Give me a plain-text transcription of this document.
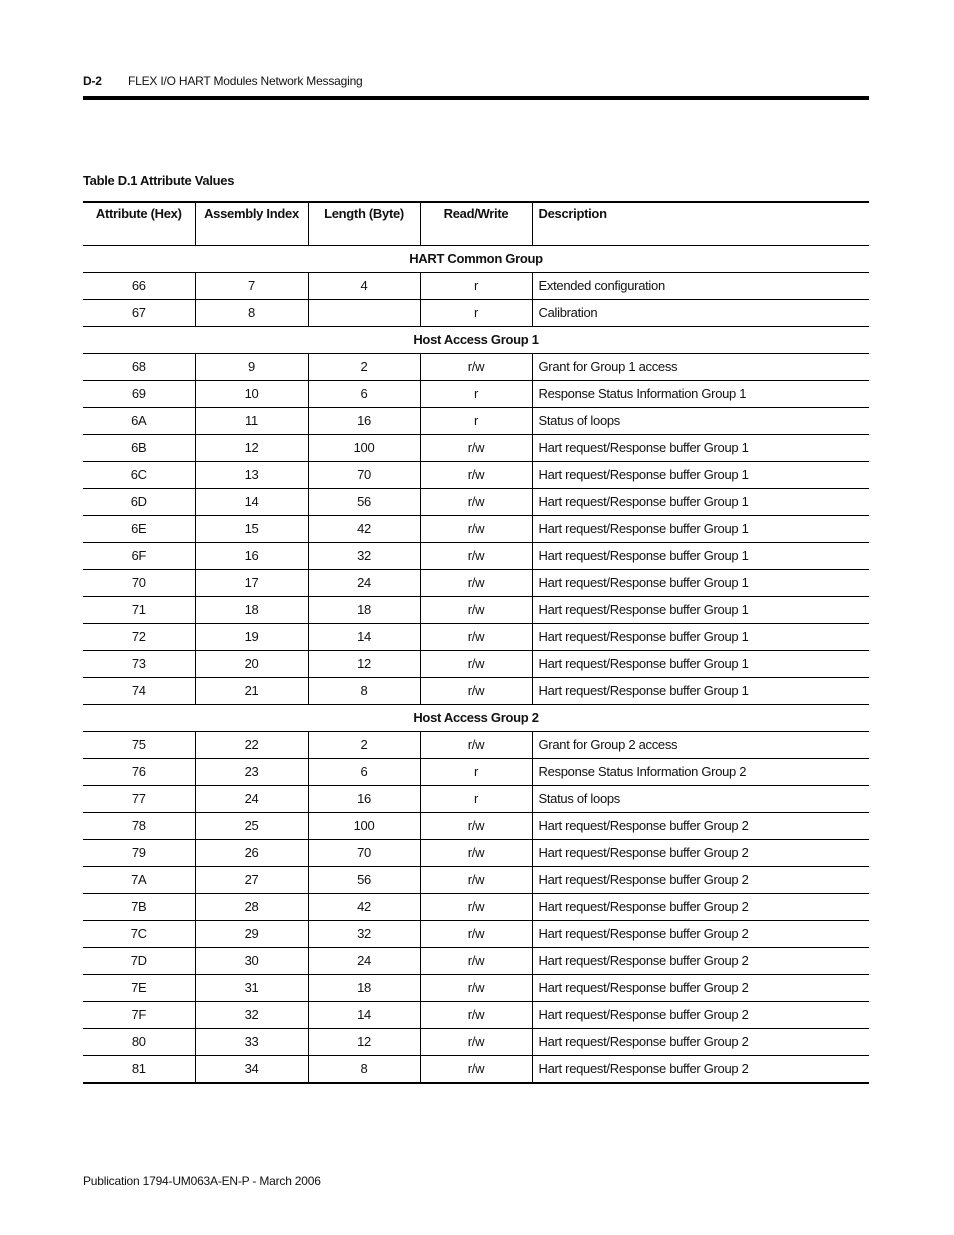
D-2 FLEX I/O HART Modules Network Messaging
Table D.1 Attribute Values
Attribute (Hex)	Assembly Index	Length (Byte)	Read/Write	Description
HART Common Group				
66	7	4	r	Extended configuration
67	8		r	Calibration
Host Access Group 1				
68	9	2	r/w	Grant for Group 1 access
69	10	6	r	Response Status Information Group 1
6A	11	16	r	Status of loops
6B	12	100	r/w	Hart request/Response buffer Group 1
6C	13	70	r/w	Hart request/Response buffer Group 1
6D	14	56	r/w	Hart request/Response buffer Group 1
6E	15	42	r/w	Hart request/Response buffer Group 1
6F	16	32	r/w	Hart request/Response buffer Group 1
70	17	24	r/w	Hart request/Response buffer Group 1
71	18	18	r/w	Hart request/Response buffer Group 1
72	19	14	r/w	Hart request/Response buffer Group 1
73	20	12	r/w	Hart request/Response buffer Group 1
74	21	8	r/w	Hart request/Response buffer Group 1
Host Access Group 2				
75	22	2	r/w	Grant for Group 2 access
76	23	6	r	Response Status Information Group 2
77	24	16	r	Status of loops
78	25	100	r/w	Hart request/Response buffer Group 2
79	26	70	r/w	Hart request/Response buffer Group 2
7A	27	56	r/w	Hart request/Response buffer Group 2
7B	28	42	r/w	Hart request/Response buffer Group 2
7C	29	32	r/w	Hart request/Response buffer Group 2
7D	30	24	r/w	Hart request/Response buffer Group 2
7E	31	18	r/w	Hart request/Response buffer Group 2
7F	32	14	r/w	Hart request/Response buffer Group 2
80	33	12	r/w	Hart request/Response buffer Group 2
81	34	8	r/w	Hart request/Response buffer Group 2
Publication 1794-UM063A-EN-P - March 2006
